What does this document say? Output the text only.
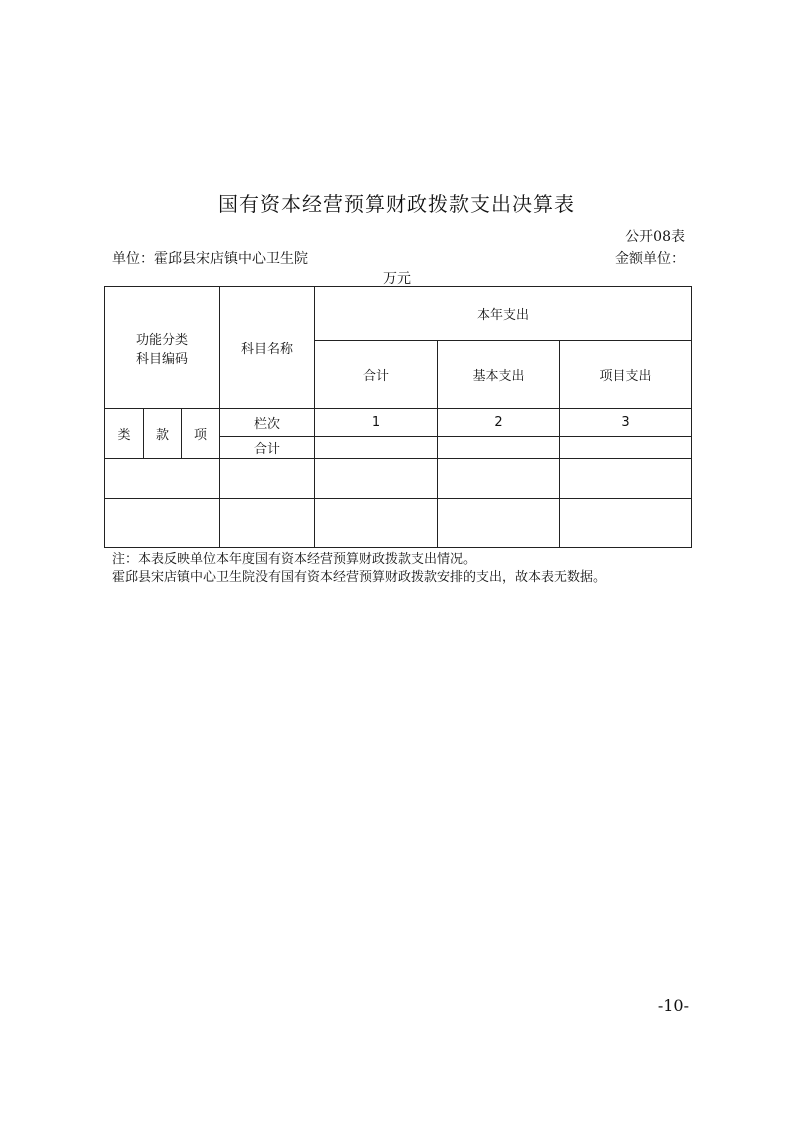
国有资本经营预算财政拨款支出决算表
公开08表
单位：霍邱县宋店镇中心卫生院	金额单位：
万元
功能分类
科目编码			科目名称	本年支出		
				合计	基本支出	项目支出
类	款	项	栏次	1	2	3
			合计			

注：本表反映单位本年度国有资本经营预算财政拨款支出情况。
霍邱县宋店镇中心卫生院没有国有资本经营预算财政拨款安排的支出，故本表无数据。
-10-
